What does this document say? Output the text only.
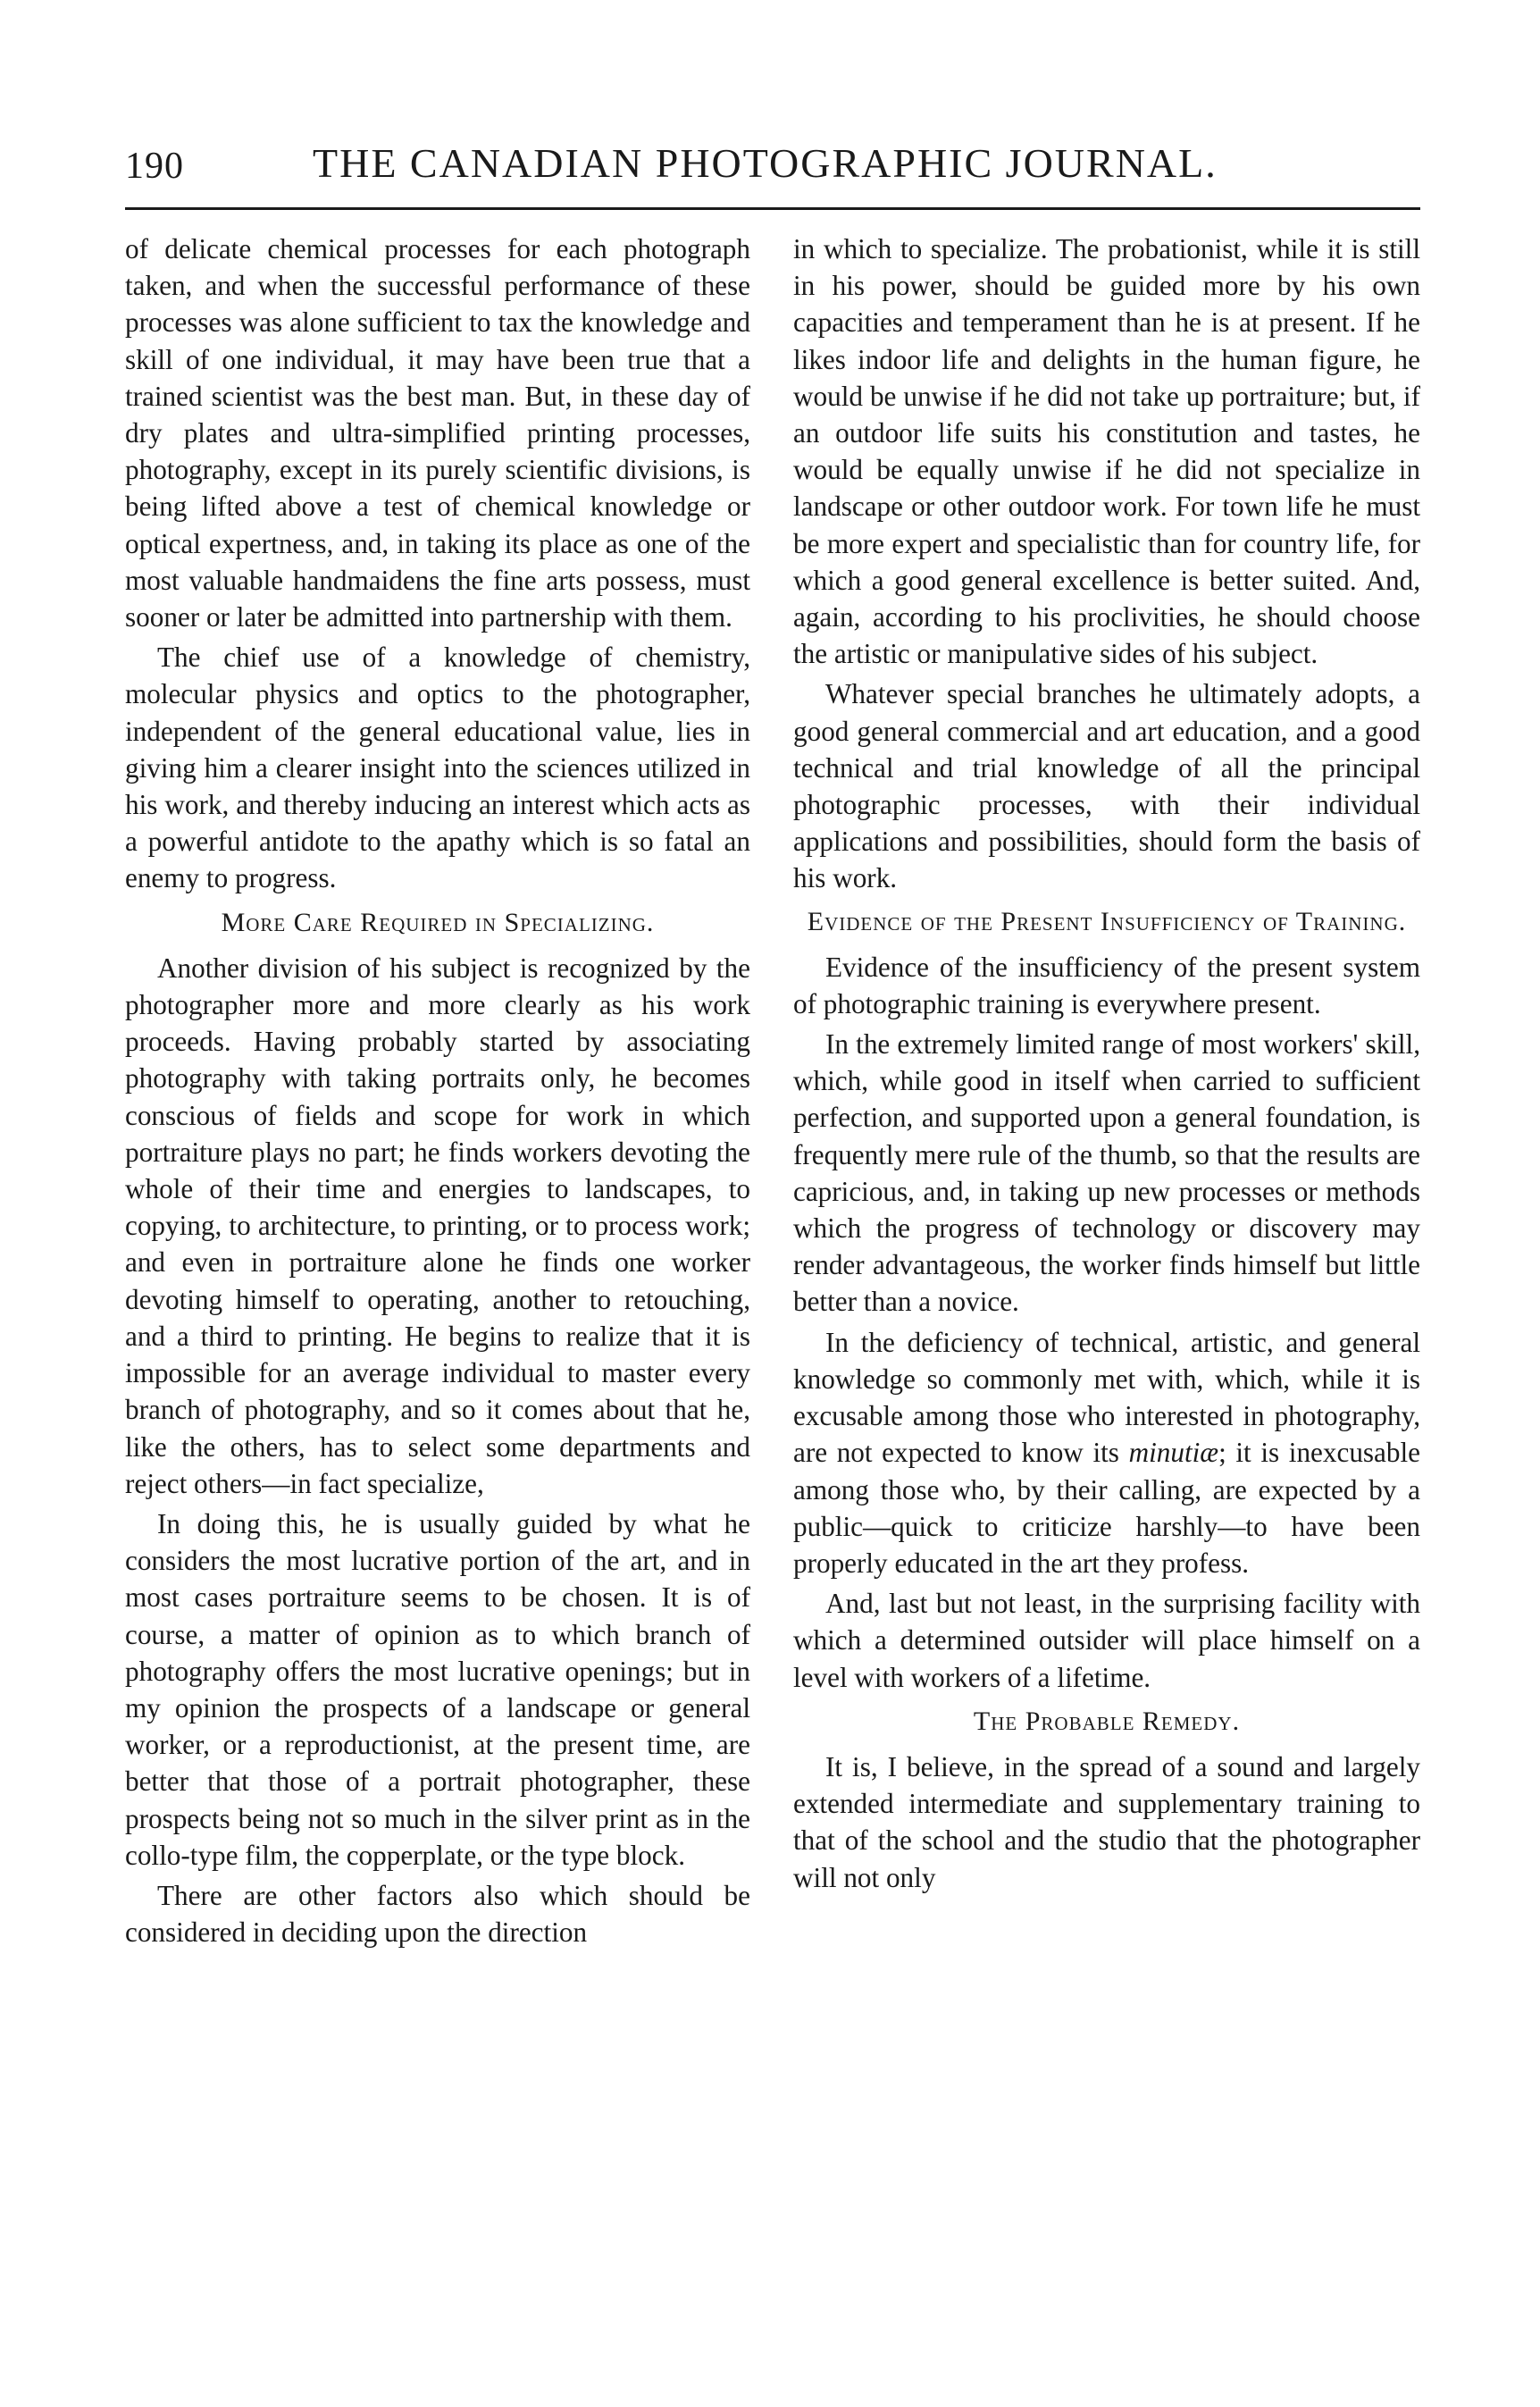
190	THE CANADIAN PHOTOGRAPHIC JOURNAL.

of delicate chemical processes for each photograph taken, and when the successful performance of these processes was alone sufficient to tax the knowledge and skill of one individual, it may have been true that a trained scientist was the best man. But, in these day of dry plates and ultra-simplified printing processes, photography, except in its purely scientific divisions, is being lifted above a test of chemical knowledge or optical expertness, and, in taking its place as one of the most valuable handmaidens the fine arts possess, must sooner or later be admitted into partnership with them.

The chief use of a knowledge of chemistry, molecular physics and optics to the photographer, independent of the general educational value, lies in giving him a clearer insight into the sciences utilized in his work, and thereby inducing an interest which acts as a powerful antidote to the apathy which is so fatal an enemy to progress.

More Care Required in Specializing.

Another division of his subject is recognized by the photographer more and more clearly as his work proceeds. Having probably started by associating photography with taking portraits only, he becomes conscious of fields and scope for work in which portraiture plays no part; he finds workers devoting the whole of their time and energies to landscapes, to copying, to architecture, to printing, or to process work; and even in portraiture alone he finds one worker devoting himself to operating, another to retouching, and a third to printing. He begins to realize that it is impossible for an average individual to master every branch of photography, and so it comes about that he, like the others, has to select some departments and reject others—in fact specialize,

In doing this, he is usually guided by what he considers the most lucrative portion of the art, and in most cases portraiture seems to be chosen. It is of course, a matter of opinion as to which branch of photography offers the most lucrative openings; but in my opinion the prospects of a landscape or general worker, or a reproductionist, at the present time, are better that those of a portrait photographer, these prospects being not so much in the silver print as in the collo-type film, the copperplate, or the type block.

There are other factors also which should be considered in deciding upon the direction

in which to specialize. The probationist, while it is still in his power, should be guided more by his own capacities and temperament than he is at present. If he likes indoor life and delights in the human figure, he would be unwise if he did not take up portraiture; but, if an outdoor life suits his constitution and tastes, he would be equally unwise if he did not specialize in landscape or other outdoor work. For town life he must be more expert and specialistic than for country life, for which a good general excellence is better suited. And, again, according to his proclivities, he should choose the artistic or manipulative sides of his subject.

Whatever special branches he ultimately adopts, a good general commercial and art education, and a good technical and trial knowledge of all the principal photographic processes, with their individual applications and possibilities, should form the basis of his work.

Evidence of the Present Insufficiency of Training.

Evidence of the insufficiency of the present system of photographic training is everywhere present.

In the extremely limited range of most workers' skill, which, while good in itself when carried to sufficient perfection, and supported upon a general foundation, is frequently mere rule of the thumb, so that the results are capricious, and, in taking up new processes or methods which the progress of technology or discovery may render advantageous, the worker finds himself but little better than a novice.

In the deficiency of technical, artistic, and general knowledge so commonly met with, which, while it is excusable among those who interested in photography, are not expected to know its minutiæ; it is inexcusable among those who, by their calling, are expected by a public—quick to criticize harshly—to have been properly educated in the art they profess.

And, last but not least, in the surprising facility with which a determined outsider will place himself on a level with workers of a lifetime.

The Probable Remedy.

It is, I believe, in the spread of a sound and largely extended intermediate and supplementary training to that of the school and the studio that the photographer will not only
